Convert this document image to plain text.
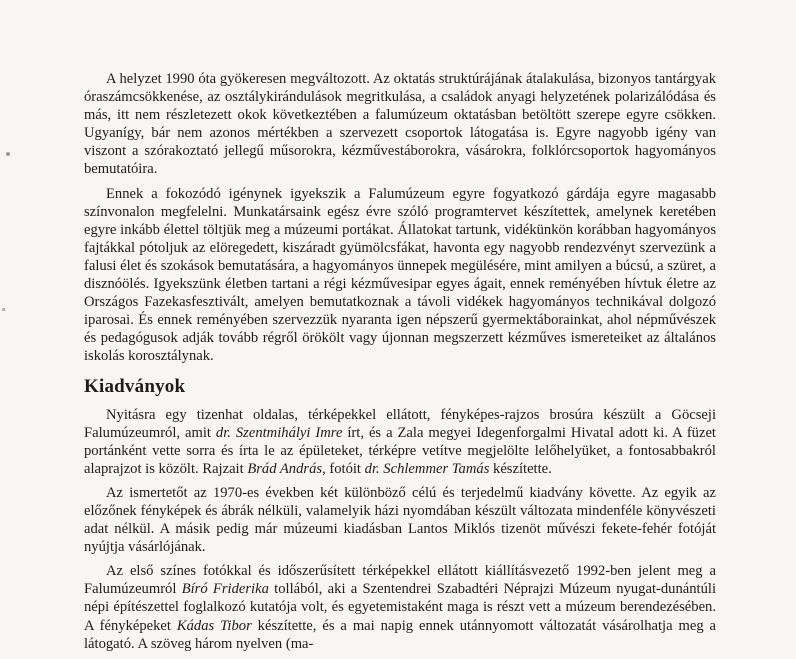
A helyzet 1990 óta gyökeresen megváltozott. Az oktatás struktúrájának átalakulása, bizonyos tantárgyak óraszámcsökkenése, az osztálykirándulások megritkulása, a családok anyagi helyzetének polarizálódása és más, itt nem részletezett okok következtében a falumúzeum oktatásban betöltött szerepe egyre csökken. Ugyanígy, bár nem azonos mértékben a szervezett csoportok látogatása is. Egyre nagyobb igény van viszont a szórakoztató jellegű műsorokra, kézművestáborokra, vásárokra, folklórcsoportok hagyományos bemutatóira.

Ennek a fokozódó igénynek igyekszik a Falumúzeum egyre fogyatkozó gárdája egyre magasabb színvonalon megfelelni. Munkatársaink egész évre szóló programtervet készítettek, amelynek keretében egyre inkább élettel töltjük meg a múzeumi portákat. Állatokat tartunk, vidékünkön korábban hagyományos fajtákkal pótoljuk az elöregedett, kiszáradt gyümölcsfákat, havonta egy nagyobb rendezvényt szervezünk a falusi élet és szokások bemutatására, a hagyományos ünnepek megülésére, mint amilyen a búcsú, a szüret, a disznóölés. Igyekszünk életben tartani a régi kézművesipar egyes ágait, ennek reményében hívtuk életre az Országos Fazekasfesztivált, amelyen bemutatkoznak a távoli vidékek hagyományos technikával dolgozó iparosai. És ennek reményében szervezzük nyaranta igen népszerű gyermektáborainkat, ahol népművészek és pedagógusok adják tovább régről örökölt vagy újonnan megszerzett kézműves ismereteiket az általános iskolás korosztálynak.

Kiadványok

Nyitásra egy tizenhat oldalas, térképekkel ellátott, fényképes-rajzos brosúra készült a Göcseji Falumúzeumról, amit dr. Szentmihályi Imre írt, és a Zala megyei Idegenforgalmi Hivatal adott ki. A füzet portánként vette sorra és írta le az épületeket, térképre vetítve megjelölte lelőhelyüket, a fontosabbakról alaprajzot is közölt. Rajzait Brád András, fotóit dr. Schlemmer Tamás készítette.

Az ismertetőt az 1970-es években két különböző célú és terjedelmű kiadvány követte. Az egyik az előzőnek fényképek és ábrák nélküli, valamelyik házi nyomdában készült változata mindenféle könyvészeti adat nélkül. A másik pedig már múzeumi kiadásban Lantos Miklós tizenöt művészi fekete-fehér fotóját nyújtja vásárlójának.

Az első színes fotókkal és időszerűsített térképekkel ellátott kiállításvezető 1992-ben jelent meg a Falumúzeumról Bíró Friderika tollából, aki a Szentendrei Szabadtéri Néprajzi Múzeum nyugat-dunántúli népi építészettel foglalkozó kutatója volt, és egyetemistaként maga is részt vett a múzeum berendezésében. A fényképeket Kádas Tibor készítette, és a mai napig ennek utánnyomott változatát vásárolhatja meg a látogató. A szöveg három nyelven (ma-
